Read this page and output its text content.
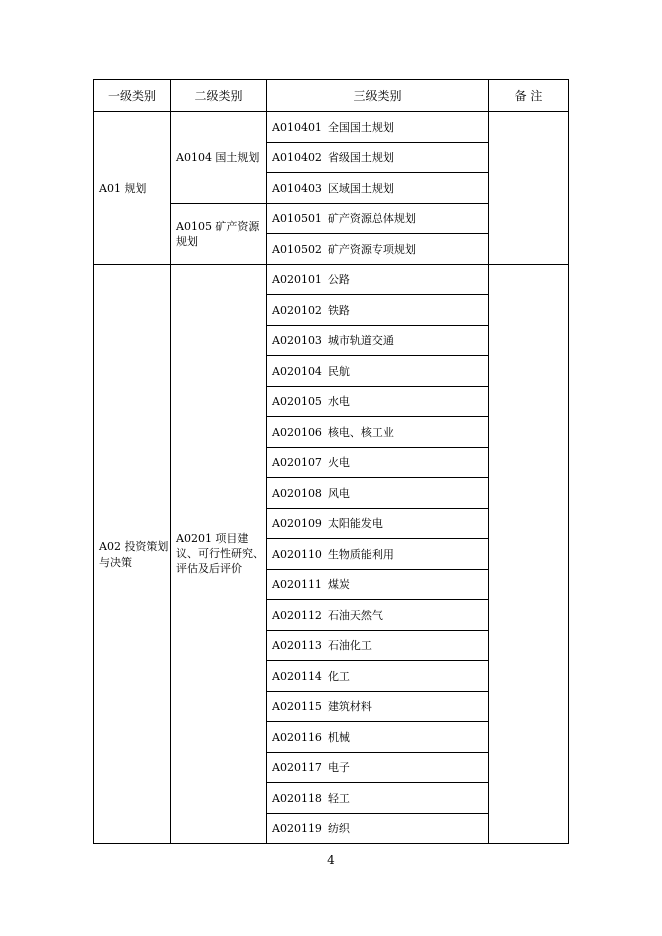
一级类别	二级类别	三级类别	备 注
A01 规划	A0104 国土规划	A010401 全国国土规划	
		A010402 省级国土规划	
		A010403 区域国土规划	
	A0105 矿产资源规划	A010501 矿产资源总体规划	
		A010502 矿产资源专项规划	
A02 投资策划与决策	A0201 项目建议、可行性研究、评估及后评价	A020101 公路	
		A020102 铁路	
		A020103 城市轨道交通	
		A020104 民航	
		A020105 水电	
		A020106 核电、核工业	
		A020107 火电	
		A020108 风电	
		A020109 太阳能发电	
		A020110 生物质能利用	
		A020111 煤炭	
		A020112 石油天然气	
		A020113 石油化工	
		A020114 化工	
		A020115 建筑材料	
		A020116 机械	
		A020117 电子	
		A020118 轻工	
		A020119 纺织	
4
